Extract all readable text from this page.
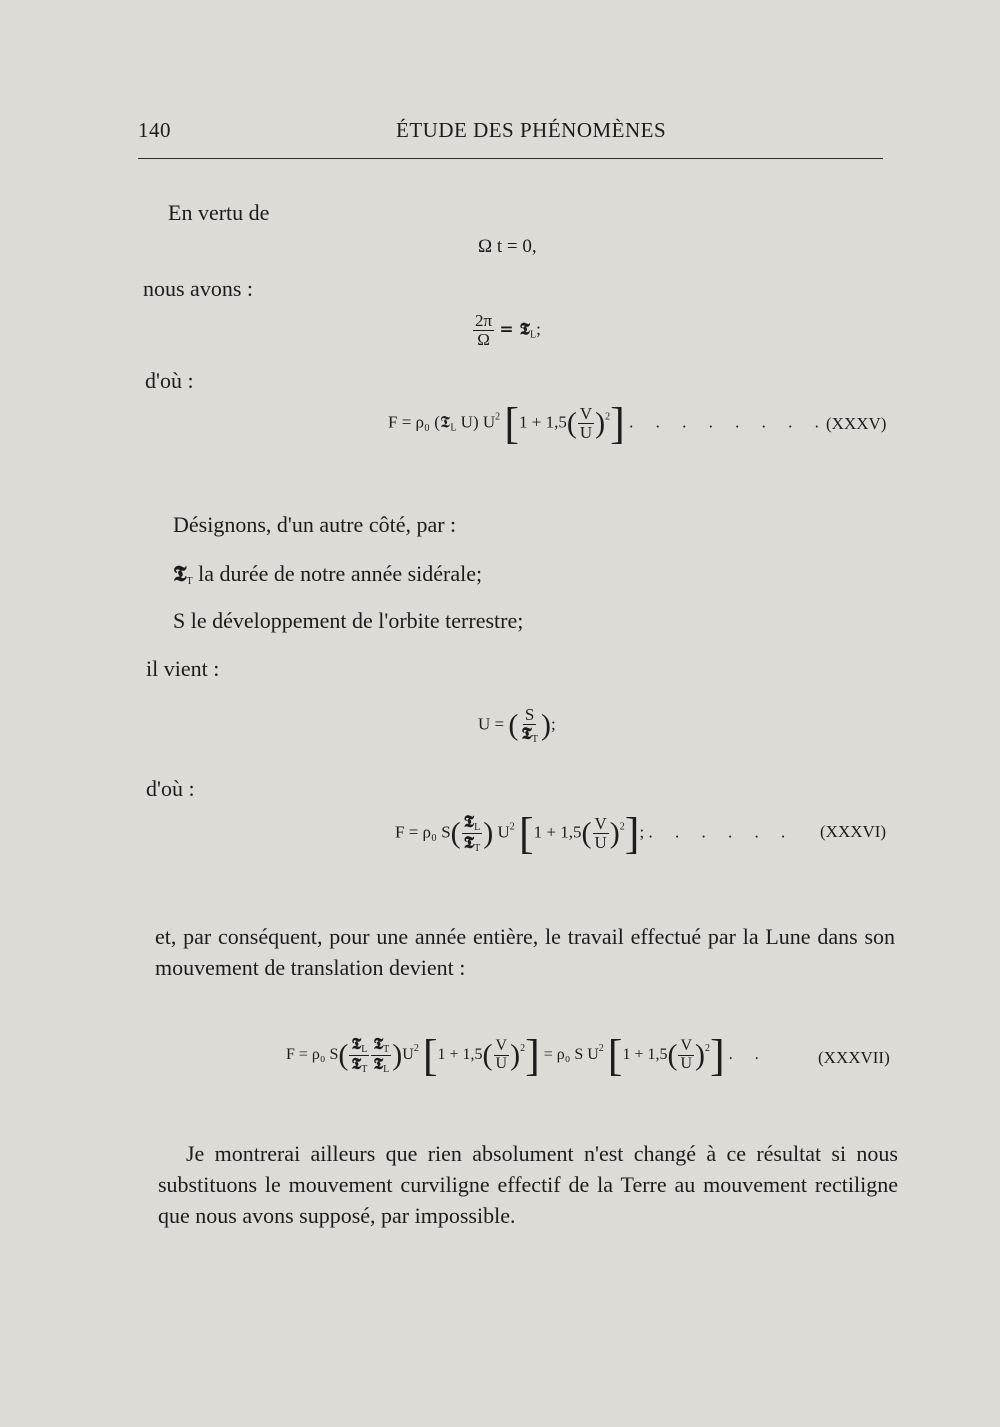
140	ÉTUDE DES PHÉNOMÈNES
En vertu de
Ω t = 0,
nous avons :
$\frac{2\pi}{\Omega}$ = 𝕿$_L$;
d'où :
F = ρ₀ (𝕿$_L$ U) $U^2$ $[1 + 1,5( \frac{V}{U} )^2]$ . . . . . . . .
(XXXV)
Désignons, d'un autre côté, par :
𝕿$_T$ la durée de notre année sidérale;
S le développement de l'orbite terrestre;
il vient :
U = ( $\frac{S}{𝕿_T}$ );
d'où :
F = ρ₀ $S( \frac{𝕿_L}{𝕿_T}$ ) $U^2$ $[1 + 1,5( \frac{V}{U} )^2]$; . . . . . . (XXXVI)
et, par conséquent, pour une année entière, le travail effectué par la Lune dans son mouvement de translation devient :
F = ρ₀ $S( \frac{𝕿_L}{𝕿_T} \frac{𝕿_T}{𝕿_L} )U^2$ $[1 + 1,5( \frac{V}{U} )^2] = \rho_0$ S $U^2$ $[1 + 1,5( \frac{V}{U} )^2]$ . .	(XXXVII)
Je montrerai ailleurs que rien absolument n'est changé à ce résultat si nous substituons le mouvement curviligne effectif de la Terre au mouvement rectiligne que nous avons supposé, par impossible.
